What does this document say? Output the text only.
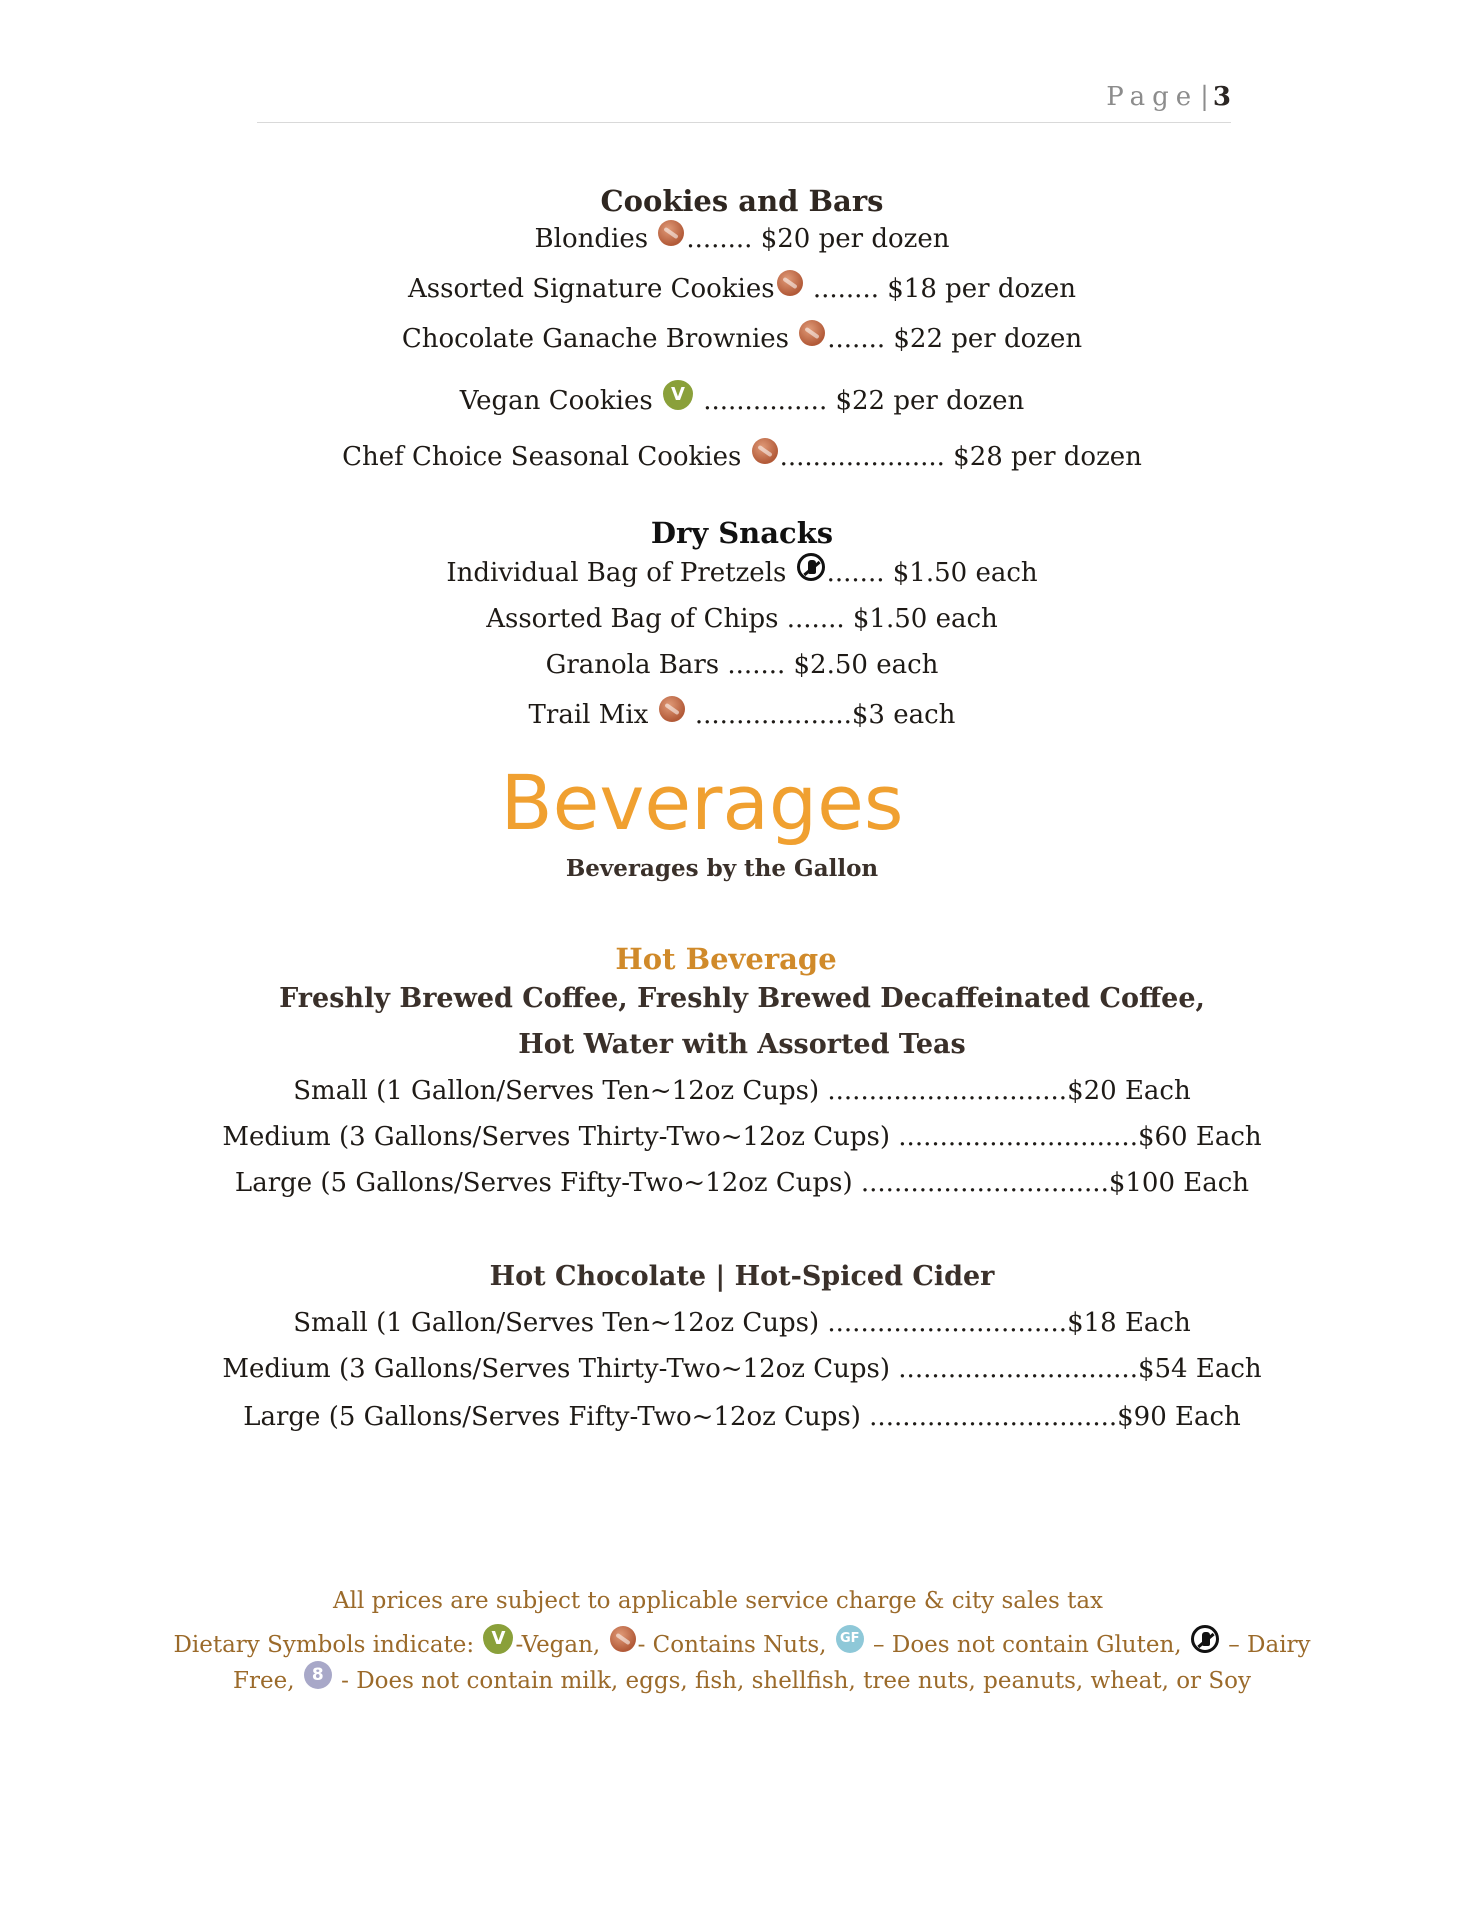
Page| 3
Cookies and Bars
Blondies ........ $20 per dozen
Assorted Signature Cookies ........ $18 per dozen
Chocolate Ganache Brownies ....... $22 per dozen
Vegan Cookies V ............... $22 per dozen
Chef Choice Seasonal Cookies .................... $28 per dozen
Dry Snacks
Individual Bag of Pretzels ....... $1.50 each
Assorted Bag of Chips ....... $1.50 each
Granola Bars ....... $2.50 each
Trail Mix  ...................$3 each
Beverages
Beverages by the Gallon
Hot Beverage
Freshly Brewed Coffee, Freshly Brewed Decaffeinated Coffee,
Hot Water with Assorted Teas
Small (1 Gallon/Serves Ten~12oz Cups) .............................$20 Each
Medium (3 Gallons/Serves Thirty-Two~12oz Cups) .............................$60 Each
Large (5 Gallons/Serves Fifty-Two~12oz Cups) ..............................$100 Each
Hot Chocolate | Hot-Spiced Cider
Small (1 Gallon/Serves Ten~12oz Cups) .............................$18 Each
Medium (3 Gallons/Serves Thirty-Two~12oz Cups) .............................$54 Each
Large (5 Gallons/Serves Fifty-Two~12oz Cups) ..............................$90 Each
All prices are subject to applicable service charge & city sales tax
Dietary Symbols indicate: V -Vegan, - Contains Nuts, GF – Does not contain Gluten,  – Dairy
Free, 8 - Does not contain milk, eggs, fish, shellfish, tree nuts, peanuts, wheat, or Soy
